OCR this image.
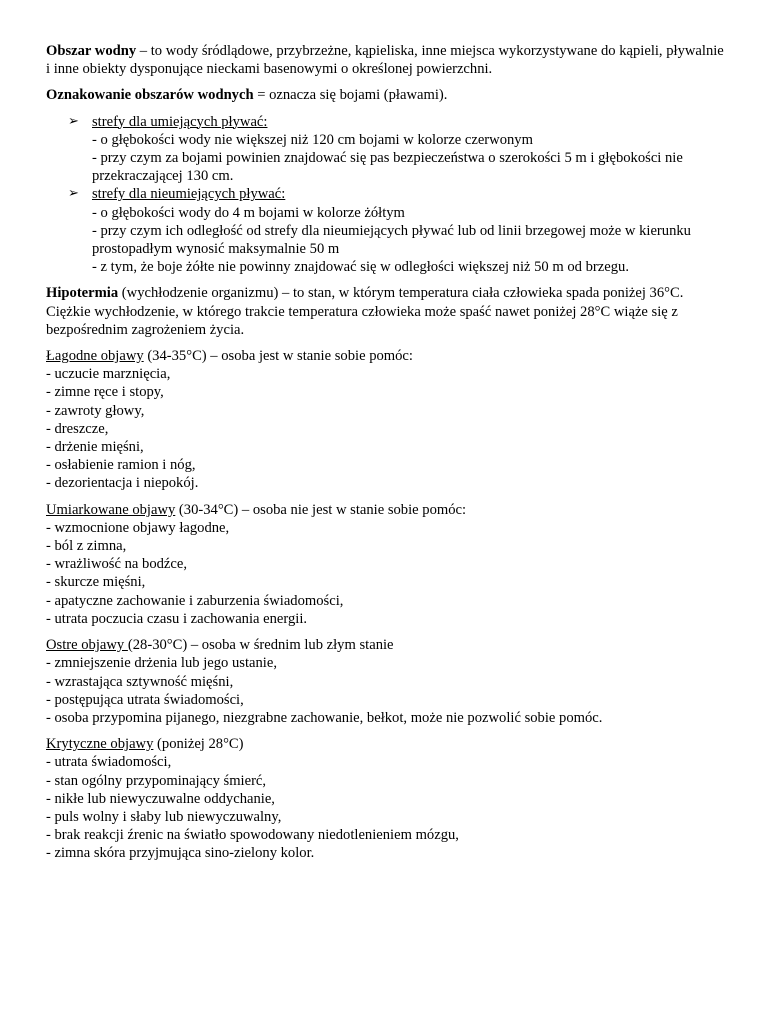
Obszar wodny – to wody śródlądowe, przybrzeżne, kąpieliska, inne miejsca wykorzystywane do kąpieli, pływalnie i inne obiekty dysponujące nieckami basenowymi o określonej powierzchni.

Oznakowanie obszarów wodnych = oznacza się bojami (pławami).

➢ strefy dla umiejących pływać:
- o głębokości wody nie większej niż 120 cm bojami w kolorze czerwonym
- przy czym za bojami powinien znajdować się pas bezpieczeństwa o szerokości 5 m i głębokości nie przekraczającej 130 cm.
➢ strefy dla nieumiejących pływać:
- o głębokości wody do 4 m bojami w kolorze żółtym
- przy czym ich odległość od strefy dla nieumiejących pływać lub od linii brzegowej może w kierunku prostopadłym wynosić maksymalnie 50 m
- z tym, że boje żółte nie powinny znajdować się w odległości większej niż 50 m od brzegu.

Hipotermia (wychłodzenie organizmu) – to stan, w którym temperatura ciała człowieka spada poniżej 36°C. Ciężkie wychłodzenie, w którego trakcie temperatura człowieka może spaść nawet poniżej 28°C wiąże się z bezpośrednim zagrożeniem życia.

Łagodne objawy (34-35°C) – osoba jest w stanie sobie pomóc:
- uczucie marznięcia,
- zimne ręce i stopy,
- zawroty głowy,
- dreszcze,
- drżenie mięśni,
- osłabienie ramion i nóg,
- dezorientacja i niepokój.
Umiarkowane objawy (30-34°C) – osoba nie jest w stanie sobie pomóc:
- wzmocnione objawy łagodne,
- ból z zimna,
- wrażliwość na bodźce,
- skurcze mięśni,
- apatyczne zachowanie i zaburzenia świadomości,
- utrata poczucia czasu i zachowania energii.
Ostre objawy (28-30°C) – osoba w średnim lub złym stanie
- zmniejszenie drżenia lub jego ustanie,
- wzrastająca sztywność mięśni,
- postępująca utrata świadomości,
- osoba przypomina pijanego, niezgrabne zachowanie, bełkot, może nie pozwolić sobie pomóc.
Krytyczne objawy (poniżej 28°C)
- utrata świadomości,
- stan ogólny przypominający śmierć,
- nikłe lub niewyczuwalne oddychanie,
- puls wolny i słaby lub niewyczuwalny,
- brak reakcji źrenic na światło spowodowany niedotlenieniem mózgu,
- zimna skóra przyjmująca sino-zielony kolor.
